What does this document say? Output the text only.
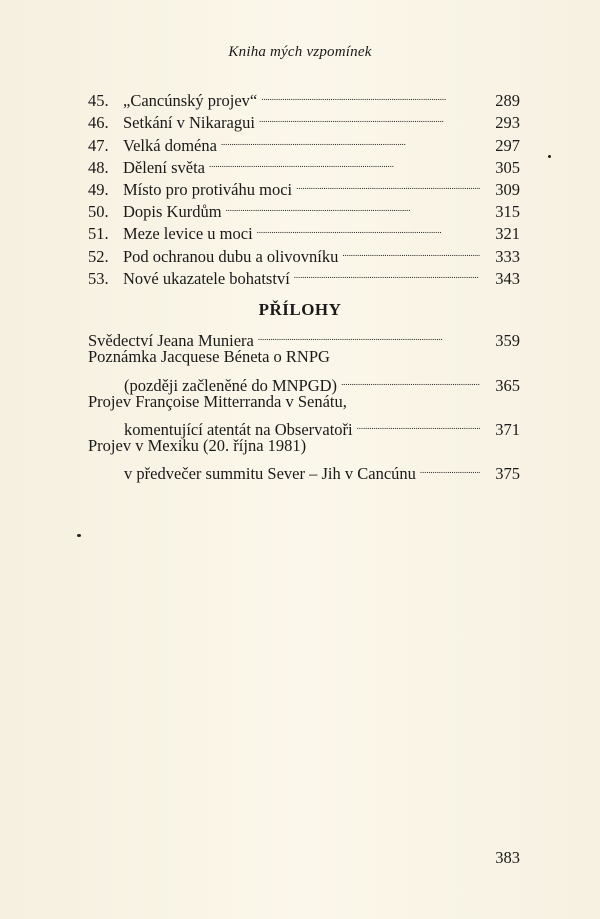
Kniha mých vzpomínek
45. „Cancúnský projev“ . . .	289
46. Setkání v Nikaragui . . .	293
47. Velká doména . . .	297
48. Dělení světa . . .	305
49. Místo pro protiváhu moci . . .	309
50. Dopis Kurdům . . .	315
51. Meze levice u moci . . .	321
52. Pod ochranou dubu a olivovníku . . .	333
53. Nové ukazatele bohatství . . .	343
PŘÍLOHY
Svědectví Jeana Muniera . . .	359
Poznámka Jacquese Béneta o RNPG
(později začleněné do MNPGD) . . .	365
Projev Françoise Mitterranda v Senátu,
komentující atentát na Observatoři . . .	371
Projev v Mexiku (20. října 1981)
v předvečer summitu Sever – Jih v Cancúnu . . .	375
383
